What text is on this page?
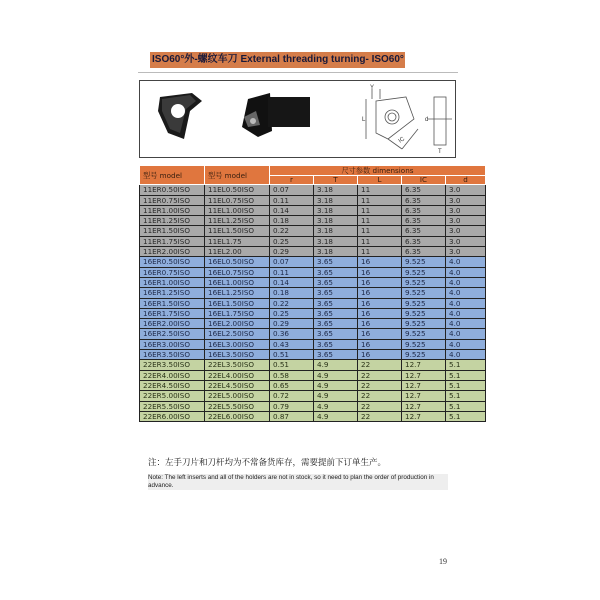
ISO60°外-螺纹车刀 External threading turning- ISO60°
Y
L
IC
d
T
型号 model	型号 model	尺寸参数 dimensions				
		r	T	L	IC	d
11ER0.50ISO	11EL0.50ISO	0.07	3.18	11	6.35	3.0
11ER0.75ISO	11EL0.75ISO	0.11	3.18	11	6.35	3.0
11ER1.00ISO	11EL1.00ISO	0.14	3.18	11	6.35	3.0
11ER1.25ISO	11EL1.25ISO	0.18	3.18	11	6.35	3.0
11ER1.50ISO	11EL1.50ISO	0.22	3.18	11	6.35	3.0
11ER1.75ISO	11EL1.75	0.25	3.18	11	6.35	3.0
11ER2.00ISO	11EL2.00	0.29	3.18	11	6.35	3.0
16ER0.50ISO	16EL0.50ISO	0.07	3.65	16	9.525	4.0
16ER0.75ISO	16EL0.75ISO	0.11	3.65	16	9.525	4.0
16ER1.00ISO	16EL1.00ISO	0.14	3.65	16	9.525	4.0
16ER1.25ISO	16EL1.25ISO	0.18	3.65	16	9.525	4.0
16ER1.50ISO	16EL1.50ISO	0.22	3.65	16	9.525	4.0
16ER1.75ISO	16EL1.75ISO	0.25	3.65	16	9.525	4.0
16ER2.00ISO	16EL2.00ISO	0.29	3.65	16	9.525	4.0
16ER2.50ISO	16EL2.50ISO	0.36	3.65	16	9.525	4.0
16ER3.00ISO	16EL3.00ISO	0.43	3.65	16	9.525	4.0
16ER3.50ISO	16EL3.50ISO	0.51	3.65	16	9.525	4.0
22ER3.50ISO	22EL3.50ISO	0.51	4.9	22	12.7	5.1
22ER4.00ISO	22EL4.00ISO	0.58	4.9	22	12.7	5.1
22ER4.50ISO	22EL4.50ISO	0.65	4.9	22	12.7	5.1
22ER5.00ISO	22EL5.00ISO	0.72	4.9	22	12.7	5.1
22ER5.50ISO	22EL5.50ISO	0.79	4.9	22	12.7	5.1
22ER6.00ISO	22EL6.00ISO	0.87	4.9	22	12.7	5.1
注：左手刀片和刀杆均为不常备货库存，需要提前下订单生产。
Note: The left inserts and all of the holders are not in stock, so it need to plan the order of production in advance.
19
